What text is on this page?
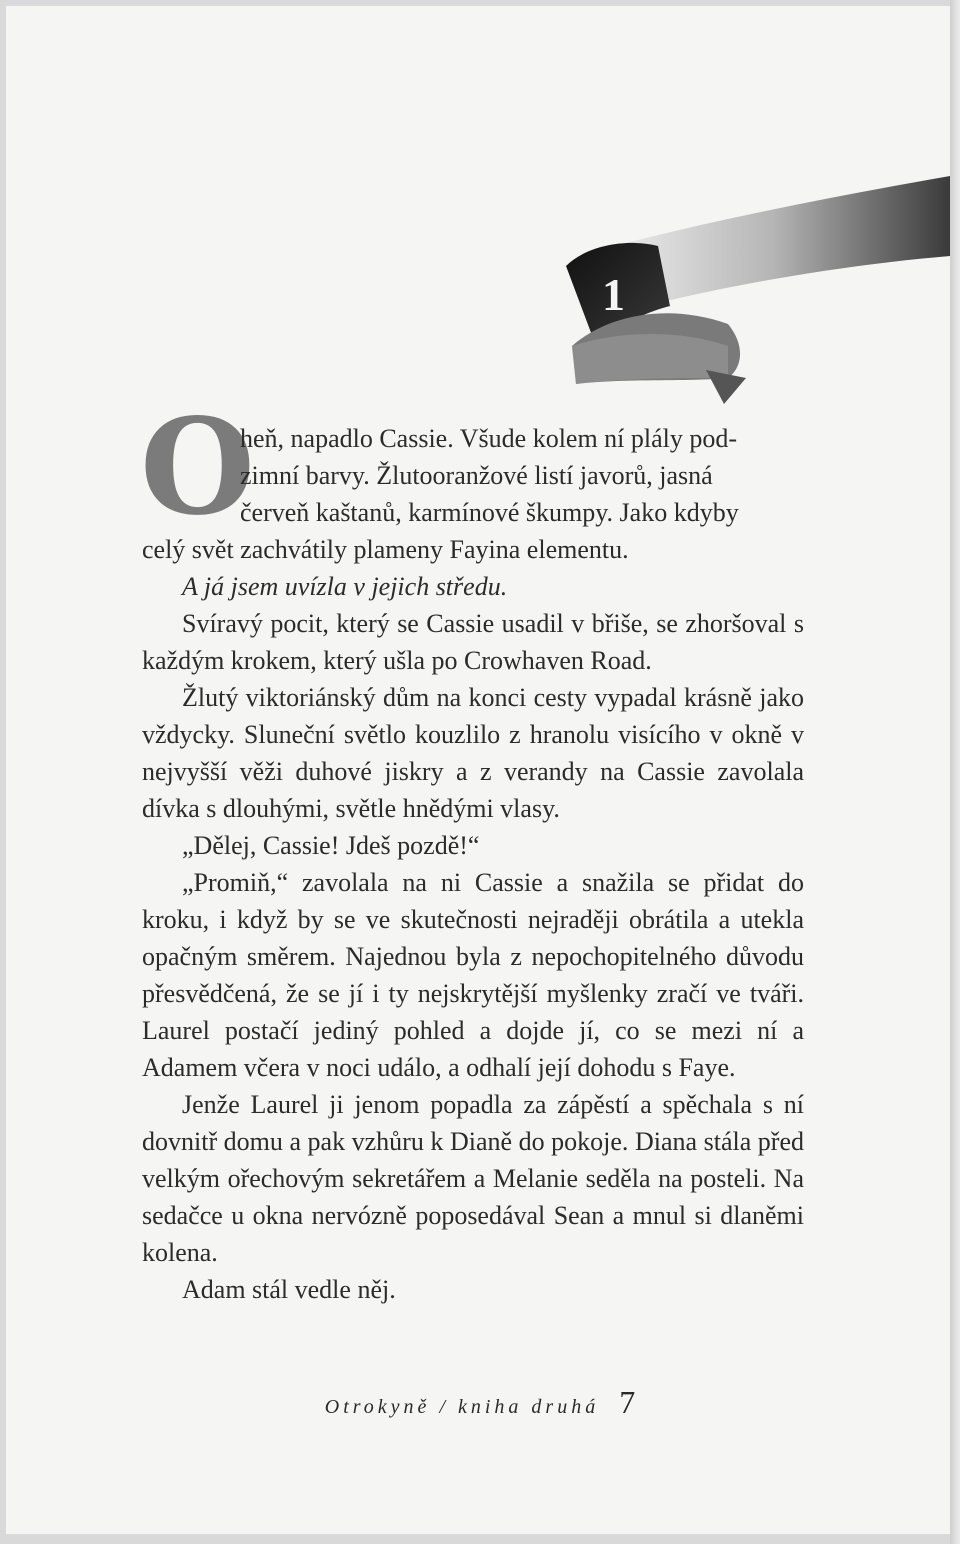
1
O

heň, napadlo Cassie. Všude kolem ní plály pod-

zimní barvy. Žlutooranžové listí javorů, jasná

červeň kaštanů, karmínové škumpy. Jako kdyby

celý svět zachvátily plameny Fayina elementu.

A já jsem uvízla v jejich středu.

Svíravý pocit, který se Cassie usadil v břiše, se zhoršoval s každým krokem, který ušla po Crowhaven Road.

Žlutý viktoriánský dům na konci cesty vypadal krásně jako vždycky. Sluneční světlo kouzlilo z hranolu visícího v okně v nejvyšší věži duhové jiskry a z verandy na Cassie zavolala dívka s dlouhými, světle hnědými vlasy.

„Dělej, Cassie! Jdeš pozdě!“

„Promiň,“ zavolala na ni Cassie a snažila se přidat do kroku, i když by se ve skutečnosti nejraději obrátila a utekla opačným směrem. Najednou byla z nepochopitelného důvodu přesvědčená, že se jí i ty nejskrytější myšlenky zračí ve tváři. Laurel postačí jediný pohled a dojde jí, co se mezi ní a Adamem včera v noci událo, a odhalí její dohodu s Faye.

Jenže Laurel ji jenom popadla za zápěstí a spěchala s ní dovnitř domu a pak vzhůru k Dianě do pokoje. Diana stála před velkým ořechovým sekretářem a Melanie seděla na posteli. Na sedačce u okna nervózně poposedával Sean a mnul si dlaněmi kolena.

Adam stál vedle něj.

Otrokyně / kniha druhá 7
